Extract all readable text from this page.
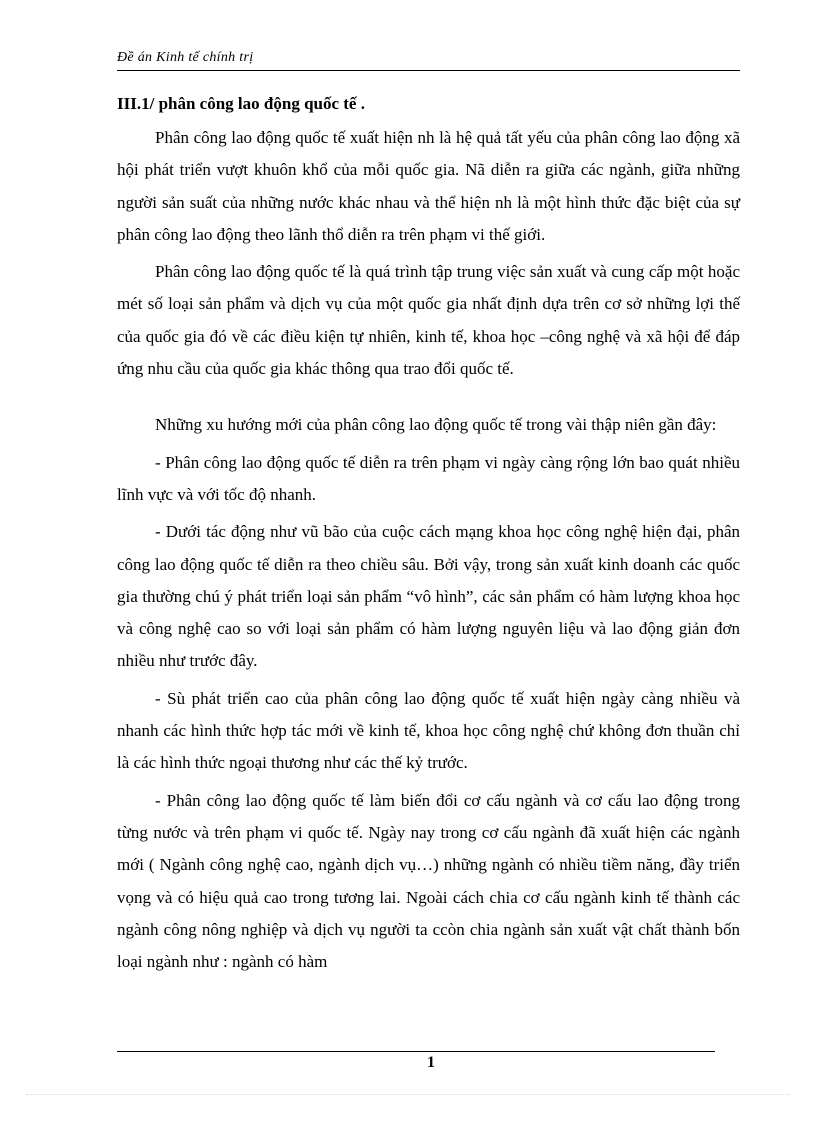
Đề án Kinh tế chính trị
III.1/ phân công lao động quốc tế .

Phân công lao động quốc tế xuất hiện nh là hệ quả tất yếu của phân công lao động xã hội phát triển vượt khuôn khổ của mỗi quốc gia. Nã diễn ra giữa các ngành, giữa những người sản suất của những nước khác nhau và thể hiện nh là một hình thức đặc biệt của sự phân công lao động theo lãnh thổ diễn ra trên phạm vi thế giới.

Phân công lao động quốc tế là quá trình tập trung việc sản xuất và cung cấp một hoặc mét số loại sản phẩm và dịch vụ của một quốc gia nhất định dựa trên cơ sở những lợi thế của quốc gia đó về các điều kiện tự nhiên, kinh tế, khoa học –công nghệ và xã hội để đáp ứng nhu cầu của quốc gia khác thông qua trao đổi quốc tế.

Những xu hướng mới của phân công lao động quốc tế trong vài thập niên gần đây:

- Phân công lao động quốc tế diễn ra trên phạm vi ngày càng rộng lớn bao quát nhiều lĩnh vực và với tốc độ nhanh.

- Dưới tác động như vũ bão của cuộc cách mạng khoa học công nghệ hiện đại, phân công lao động quốc tế diễn ra theo chiều sâu. Bởi vậy, trong sản xuất kinh doanh các quốc gia thường chú ý phát triển loại sản phẩm “vô hình”, các sản phẩm có hàm lượng khoa học và công nghệ cao so với loại sản phẩm có hàm lượng nguyên liệu và lao động giản đơn nhiều như trước đây.

- Sù phát triển cao của phân công lao động quốc tế xuất hiện ngày càng nhiều và nhanh các hình thức hợp tác mới về kinh tế, khoa học công nghệ chứ không đơn thuần chỉ là các hình thức ngoại thương như các thế kỷ trước.

- Phân công lao động quốc tế làm biến đổi cơ cấu ngành và cơ cấu lao động trong từng nước và trên phạm vi quốc tế. Ngày nay trong cơ cấu ngành đã xuất hiện các ngành mới ( Ngành công nghệ cao, ngành dịch vụ…) những ngành có nhiều tiềm năng, đầy triển vọng và có hiệu quả cao trong tương lai. Ngoài cách chia cơ cấu ngành kinh tế thành các ngành công nông nghiệp và dịch vụ người ta ccòn chia ngành sản xuất vật chất thành bốn loại ngành như : ngành có hàm

1
